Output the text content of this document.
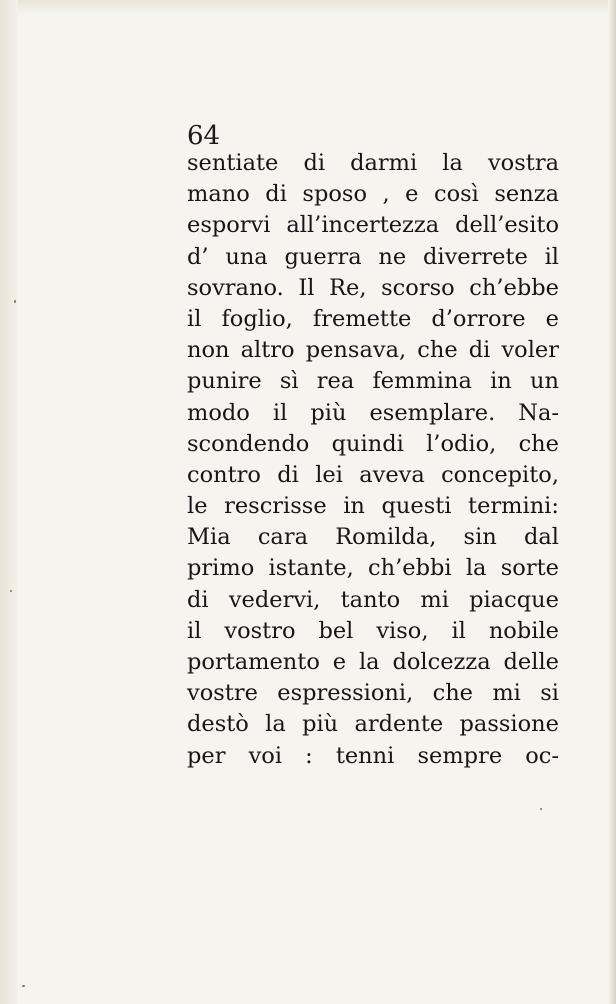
64

sentiate di darmi la vostra
mano di sposo , e così senza
esporvi all’incertezza dell’esito
d’ una guerra ne diverrete il
sovrano. Il Re, scorso ch’ebbe
il foglio, fremette d’orrore e
non altro pensava, che di voler
punire sì rea femmina in un
modo il più esemplare. Na-
scondendo quindi l’odio, che
contro di lei aveva concepito,
le rescrisse in questi termini:
Mia cara Romilda, sin dal
primo istante, ch’ebbi la sorte
di vedervi, tanto mi piacque
il vostro bel viso, il nobile
portamento e la dolcezza delle
vostre espressioni, che mi si
destò la più ardente passione
per voi : tenni sempre oc-
